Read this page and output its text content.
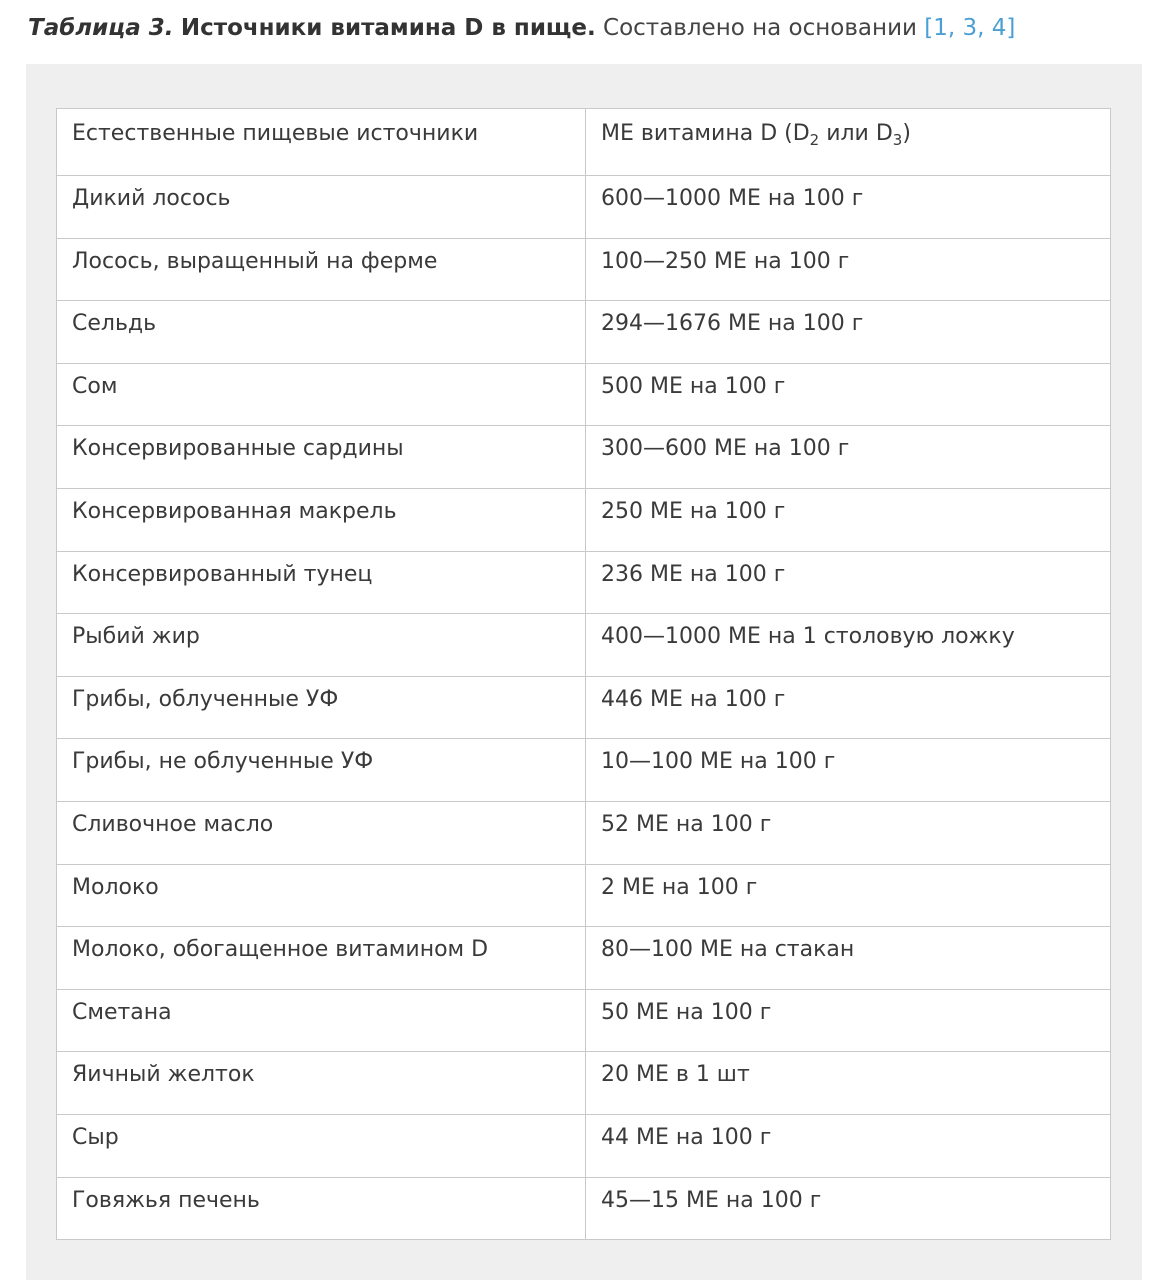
Таблица 3. Источники витамина D в пище. Составлено на основании [1, 3, 4]
Естественные пищевые источники	МЕ витамина D ($D_2$ или $D_3$)
Дикий лосось	600—1000 МЕ на 100 г
Лосось, выращенный на ферме	100—250 МЕ на 100 г
Сельдь	294—1676 МЕ на 100 г
Сом	500 МЕ на 100 г
Консервированные сардины	300—600 МЕ на 100 г
Консервированная макрель	250 МЕ на 100 г
Консервированный тунец	236 МЕ на 100 г
Рыбий жир	400—1000 МЕ на 1 столовую ложку
Грибы, облученные УФ	446 МЕ на 100 г
Грибы, не облученные УФ	10—100 МЕ на 100 г
Сливочное масло	52 МЕ на 100 г
Молоко	2 МЕ на 100 г
Молоко, обогащенное витамином D	80—100 МЕ на стакан
Сметана	50 МЕ на 100 г
Яичный желток	20 МЕ в 1 шт
Сыр	44 МЕ на 100 г
Говяжья печень	45—15 МЕ на 100 г
